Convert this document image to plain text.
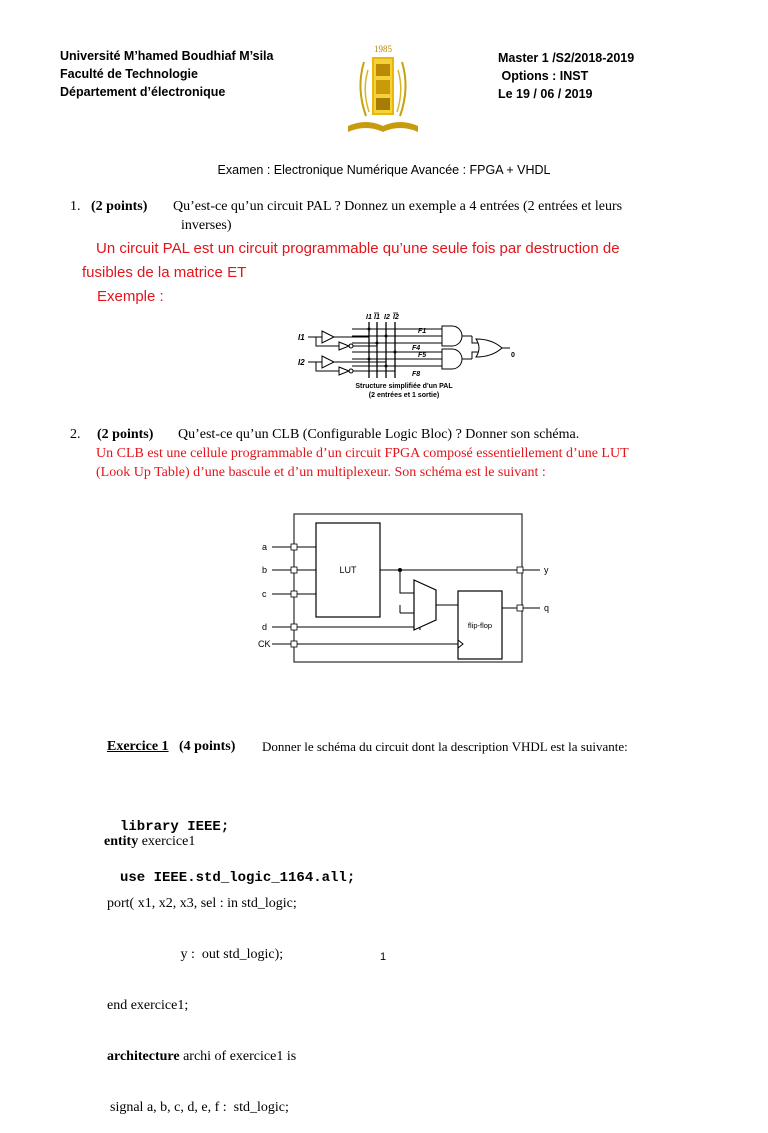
Université M’hamed Boudhiaf M’sila
Faculté de Technologie
Département d’électronique
1985
Master 1 /S2/2018-2019
Options : INST
Le 19 / 06 / 2019
Examen : Electronique Numérique Avancée : FPGA + VHDL
1. (2 points) Qu’est-ce qu’un circuit PAL ? Donnez un exemple a 4 entrées (2 entrées et leurs
inverses)
Un circuit PAL est un circuit programmable qu’une seule fois par destruction de
fusibles de la matrice ET
Exemple :
I1 I1 I2 I2
I1
I2
F1
F4
F5
F8
0
Structure simplifiée d'un PAL
(2 entrées et 1 sortie)
2. (2 points) Qu’est-ce qu’un CLB (Configurable Logic Bloc) ? Donner son schéma.
Un CLB est une cellule programmable d’un circuit FPGA composé essentiellement d’une LUT
(Look Up Table) d’une bascule et d’un multiplexeur. Son schéma est le suivant :
LUT
a
b
c
d
CK
flip-flop
y
q
Exercice 1 (4 points) Donner le schéma du circuit dont la description VHDL est la suivante:

library IEEE;

use IEEE.std_logic_1164.all;

entity exercice1

port( x1, x2, x3, sel : in std_logic;

y :  out std_logic);

end exercice1;

architecture archi of exercice1 is

signal a, b, c, d, e, f :  std_logic;

1
